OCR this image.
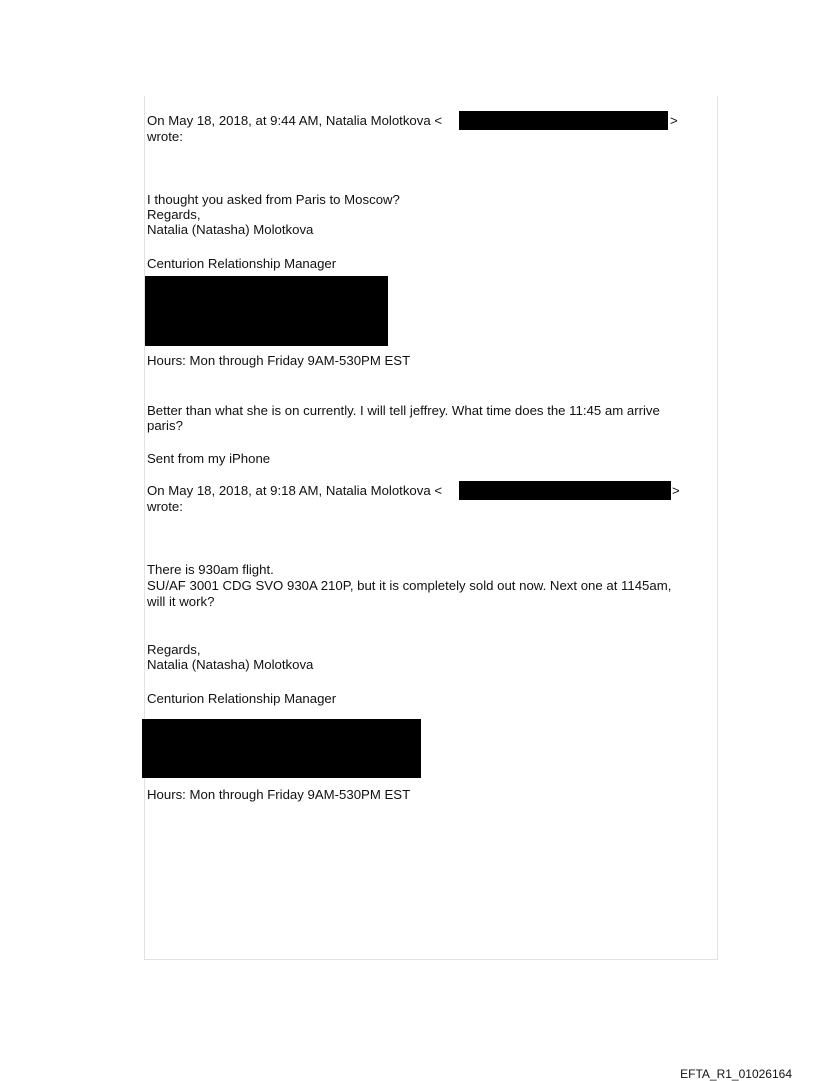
On May 18, 2018, at 9:44 AM, Natalia Molotkova <	>

wrote:

I thought you asked from Paris to Moscow?

Regards,

Natalia (Natasha) Molotkova

Centurion Relationship Manager

Hours: Mon through Friday 9AM-530PM EST

Better than what she is on currently. I will tell jeffrey. What time does the 11:45 am arrive

paris?

Sent from my iPhone

On May 18, 2018, at 9:18 AM, Natalia Molotkova <	>

wrote:

There is 930am flight.

SU/AF 3001 CDG SVO 930A 210P, but it is completely sold out now. Next one at 1145am,

will it work?

Regards,

Natalia (Natasha) Molotkova

Centurion Relationship Manager

Hours: Mon through Friday 9AM-530PM EST

EFTA_R1_01026164
